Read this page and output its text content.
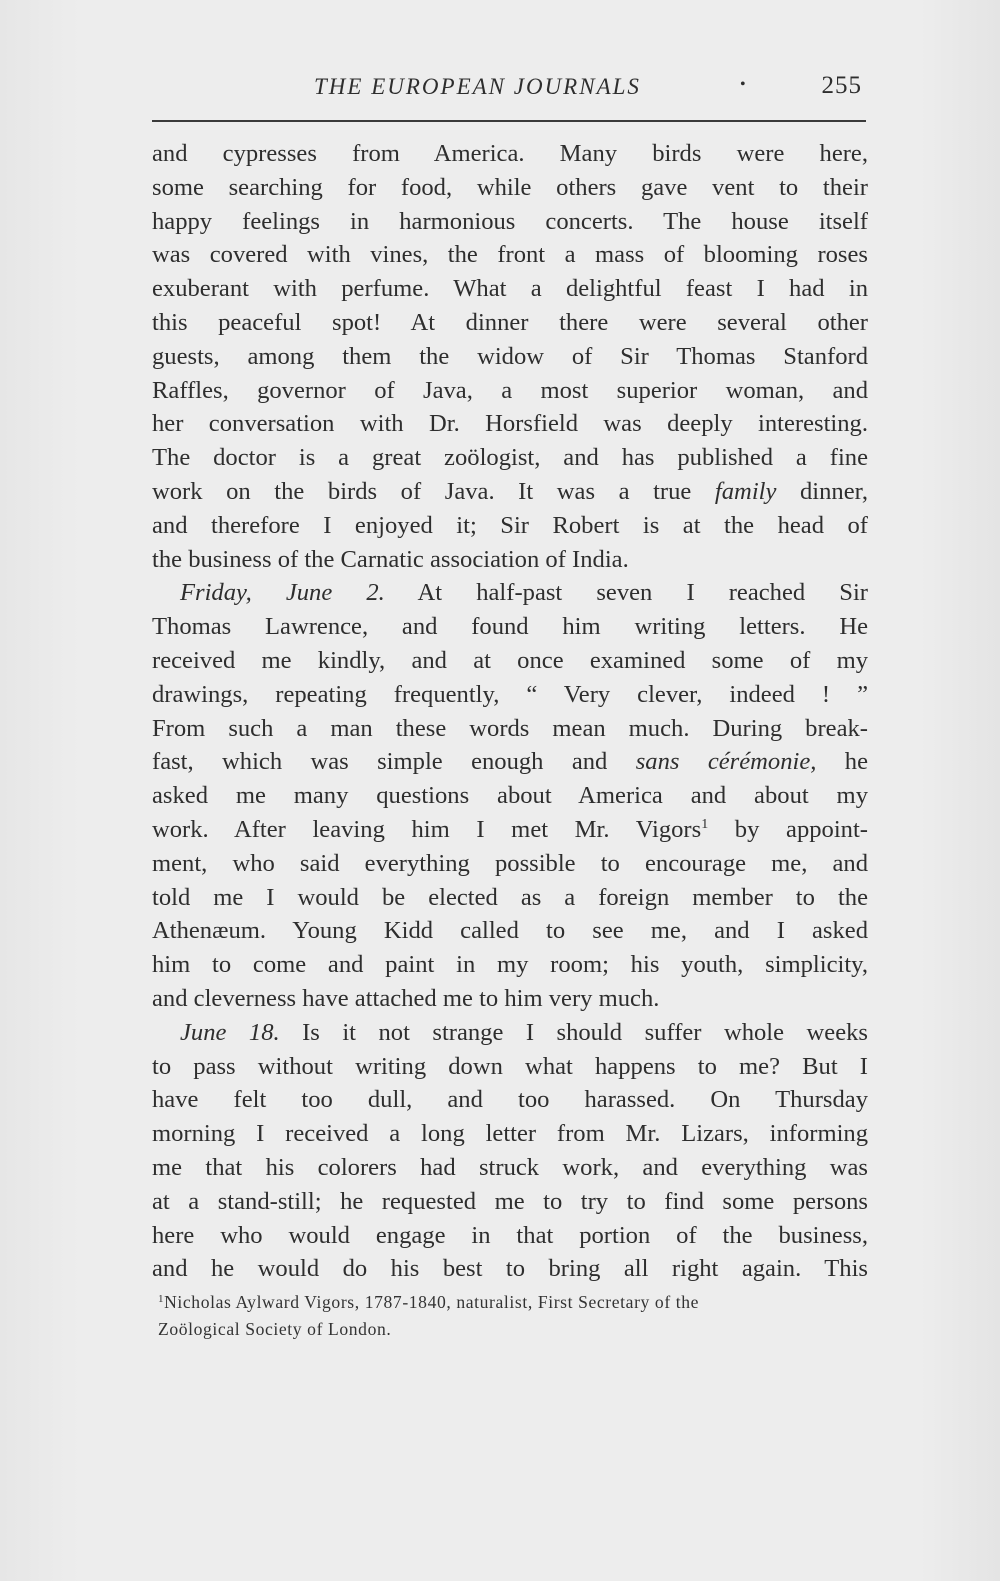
THE EUROPEAN JOURNALS	•	255

and cypresses from America. Many birds were here,
some searching for food, while others gave vent to their
happy feelings in harmonious concerts. The house itself
was covered with vines, the front a mass of blooming roses
exuberant with perfume. What a delightful feast I had in
this peaceful spot! At dinner there were several other
guests, among them the widow of Sir Thomas Stanford
Raffles, governor of Java, a most superior woman, and
her conversation with Dr. Horsfield was deeply interesting.
The doctor is a great zoölogist, and has published a fine
work on the birds of Java. It was a true family dinner,
and therefore I enjoyed it; Sir Robert is at the head of
the business of the Carnatic association of India.

Friday, June 2. At half-past seven I reached Sir
Thomas Lawrence, and found him writing letters. He
received me kindly, and at once examined some of my
drawings, repeating frequently, “ Very clever, indeed ! ”
From such a man these words mean much. During break-
fast, which was simple enough and sans cérémonie, he
asked me many questions about America and about my
work. After leaving him I met Mr. Vigors$^1$ by appoint-
ment, who said everything possible to encourage me, and
told me I would be elected as a foreign member to the
Athenæum. Young Kidd called to see me, and I asked
him to come and paint in my room; his youth, simplicity,
and cleverness have attached me to him very much.

June 18. Is it not strange I should suffer whole weeks
to pass without writing down what happens to me? But I
have felt too dull, and too harassed. On Thursday
morning I received a long letter from Mr. Lizars, informing
me that his colorers had struck work, and everything was
at a stand-still; he requested me to try to find some persons
here who would engage in that portion of the business,
and he would do his best to bring all right again. This

$^1$Nicholas Aylward Vigors, 1787-1840, naturalist, First Secretary of the
Zoölogical Society of London.
